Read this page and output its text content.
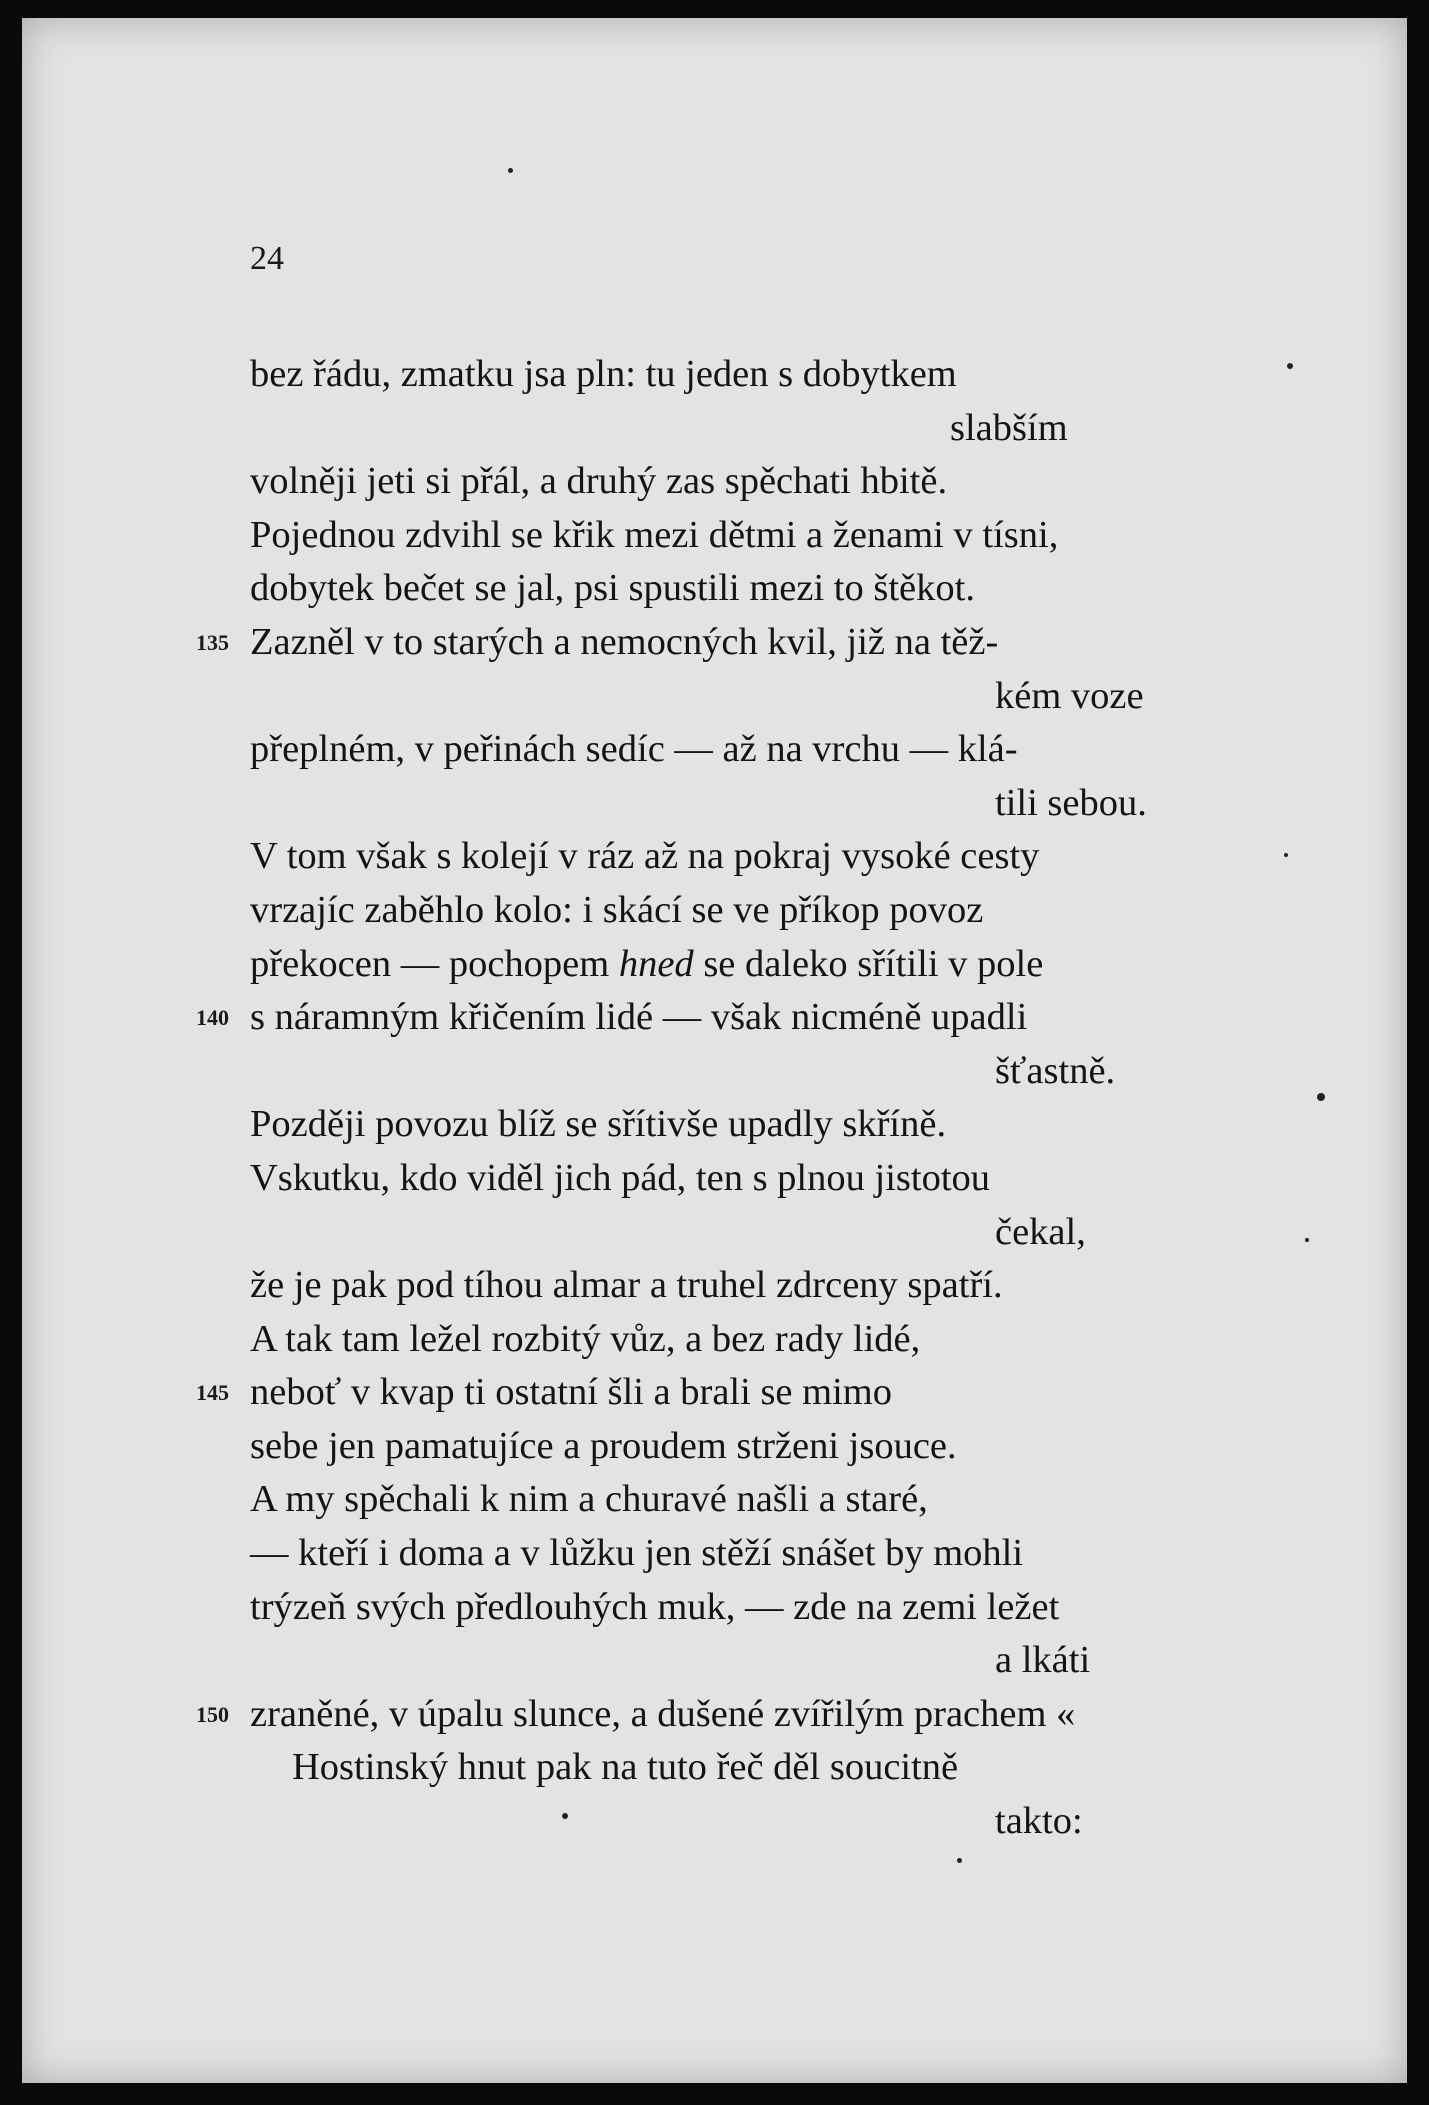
24
bez řádu, zmatku jsa pln: tu jeden s dobytkem
slabším
volněji jeti si přál, a druhý zas spěchati hbitě.
Pojednou zdvihl se křik mezi dětmi a ženami v tísni,
dobytek bečet se jal, psi spustili mezi to štěkot.
135 Zazněl v to starých a nemocných kvil, již na těž-
kém voze
přeplném, v peřinách sedíc — až na vrchu — klá-
tili sebou.
V tom však s kolejí v ráz až na pokraj vysoké cesty
vrzajíc zaběhlo kolo: i skácí se ve příkop povoz
překocen — pochopem hned se daleko sřítili v pole
140 s náramným křičením lidé — však nicméně upadli
šťastně.
Později povozu blíž se sřítivše upadly skříně.
Vskutku, kdo viděl jich pád, ten s plnou jistotou
čekal,
že je pak pod tíhou almar a truhel zdrceny spatří.
A tak tam ležel rozbitý vůz, a bez rady lidé,
145 neboť v kvap ti ostatní šli a brali se mimo
sebe jen pamatujíce a proudem strženi jsouce.
A my spěchali k nim a churavé našli a staré,
— kteří i doma a v lůžku jen stěží snášet by mohli
trýzeň svých předlouhých muk, — zde na zemi ležet
a lkáti
150 zraněné, v úpalu slunce, a dušené zvířilým prachem «
Hostinský hnut pak na tuto řeč děl soucitně
takto:
